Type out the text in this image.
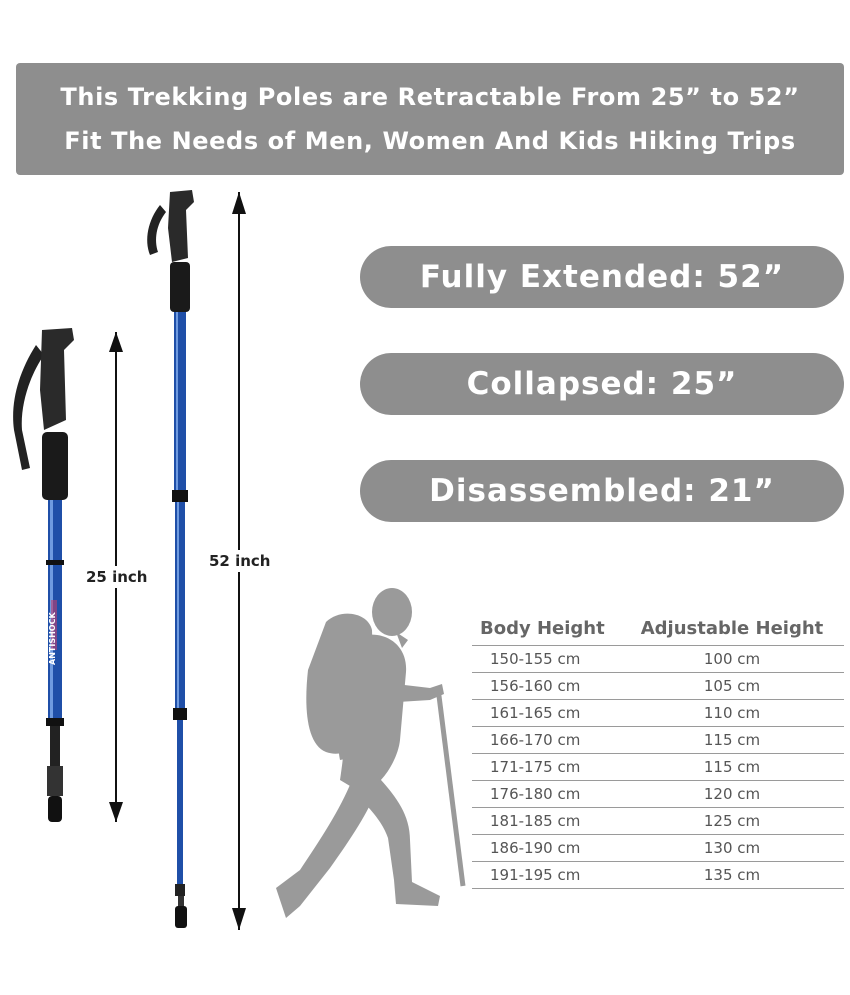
This Trekking Poles are Retractable From 25” to 52”
Fit The Needs of Men, Women And Kids Hiking Trips
ANTISHOCK
25 inch
52 inch
Fully Extended: 52”
Collapsed: 25”
Disassembled: 21”
Body Height	Adjustable Height
150-155 cm	100 cm
156-160 cm	105 cm
161-165 cm	110 cm
166-170 cm	115 cm
171-175 cm	115 cm
176-180 cm	120 cm
181-185 cm	125 cm
186-190 cm	130 cm
191-195 cm	135 cm
